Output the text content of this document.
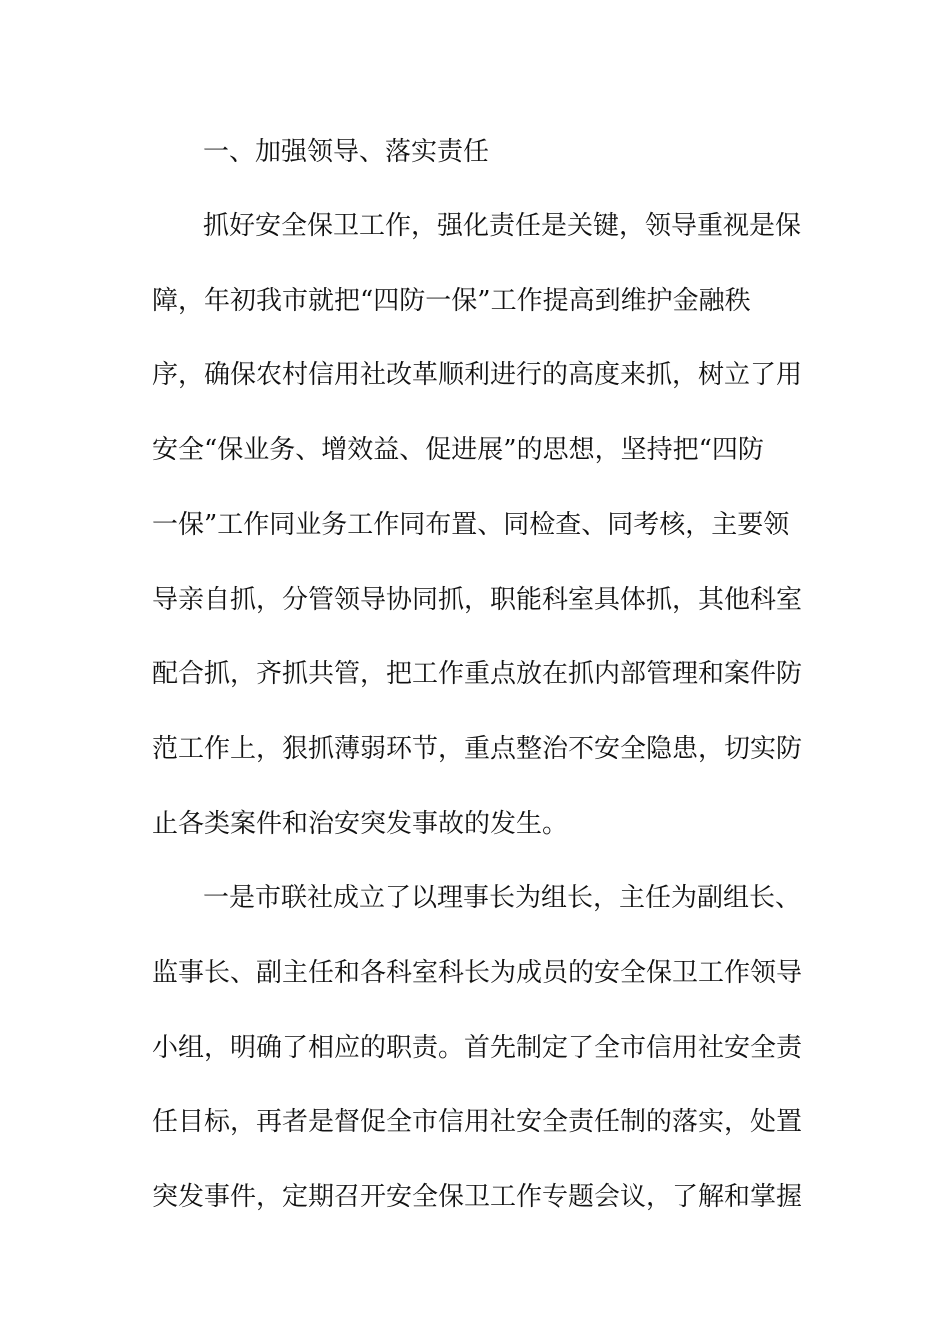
一、加强领导、落实责任
抓好安全保卫工作，强化责任是关键，领导重视是保
障，年初我市就把“四防一保”工作提高到维护金融秩
序，确保农村信用社改革顺利进行的高度来抓，树立了用
安全“保业务、增效益、促进展”的思想，坚持把“四防
一保”工作同业务工作同布置、同检查、同考核，主要领
导亲自抓，分管领导协同抓，职能科室具体抓，其他科室
配合抓，齐抓共管，把工作重点放在抓内部管理和案件防
范工作上，狠抓薄弱环节，重点整治不安全隐患，切实防
止各类案件和治安突发事故的发生。
一是市联社成立了以理事长为组长，主任为副组长、
监事长、副主任和各科室科长为成员的安全保卫工作领导
小组，明确了相应的职责。首先制定了全市信用社安全责
任目标，再者是督促全市信用社安全责任制的落实，处置
突发事件，定期召开安全保卫工作专题会议，了解和掌握
